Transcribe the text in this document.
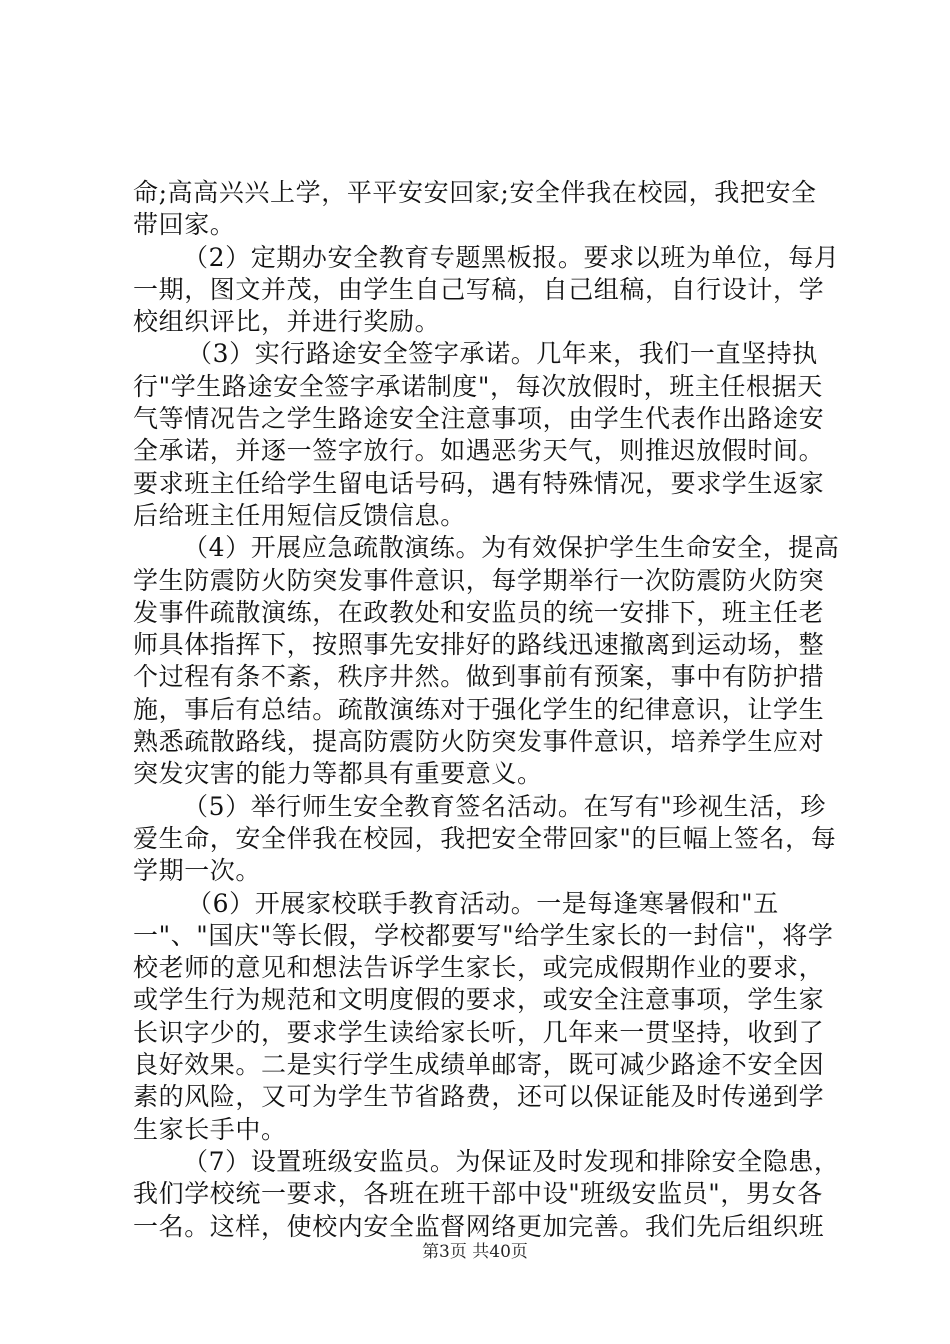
命;高高兴兴上学，平平安安回家;安全伴我在校园，我把安全
带回家。
（2）定期办安全教育专题黑板报。要求以班为单位，每月
一期，图文并茂，由学生自己写稿，自己组稿，自行设计，学
校组织评比，并进行奖励。
（3）实行路途安全签字承诺。几年来，我们一直坚持执
行"学生路途安全签字承诺制度"，每次放假时，班主任根据天
气等情况告之学生路途安全注意事项，由学生代表作出路途安
全承诺，并逐一签字放行。如遇恶劣天气，则推迟放假时间。
要求班主任给学生留电话号码，遇有特殊情况，要求学生返家
后给班主任用短信反馈信息。
（4）开展应急疏散演练。为有效保护学生生命安全，提高
学生防震防火防突发事件意识，每学期举行一次防震防火防突
发事件疏散演练，在政教处和安监员的统一安排下，班主任老
师具体指挥下，按照事先安排好的路线迅速撤离到运动场，整
个过程有条不紊，秩序井然。做到事前有预案，事中有防护措
施，事后有总结。疏散演练对于强化学生的纪律意识，让学生
熟悉疏散路线，提高防震防火防突发事件意识，培养学生应对
突发灾害的能力等都具有重要意义。
（5）举行师生安全教育签名活动。在写有"珍视生活，珍
爱生命，安全伴我在校园，我把安全带回家"的巨幅上签名，每
学期一次。
（6）开展家校联手教育活动。一是每逢寒暑假和"五
一"、"国庆"等长假，学校都要写"给学生家长的一封信"，将学
校老师的意见和想法告诉学生家长，或完成假期作业的要求，
或学生行为规范和文明度假的要求，或安全注意事项，学生家
长识字少的，要求学生读给家长听，几年来一贯坚持，收到了
良好效果。二是实行学生成绩单邮寄，既可减少路途不安全因
素的风险，又可为学生节省路费，还可以保证能及时传递到学
生家长手中。
（7）设置班级安监员。为保证及时发现和排除安全隐患，
我们学校统一要求，各班在班干部中设"班级安监员"，男女各
一名。这样，使校内安全监督网络更加完善。我们先后组织班
第3页 共40页
